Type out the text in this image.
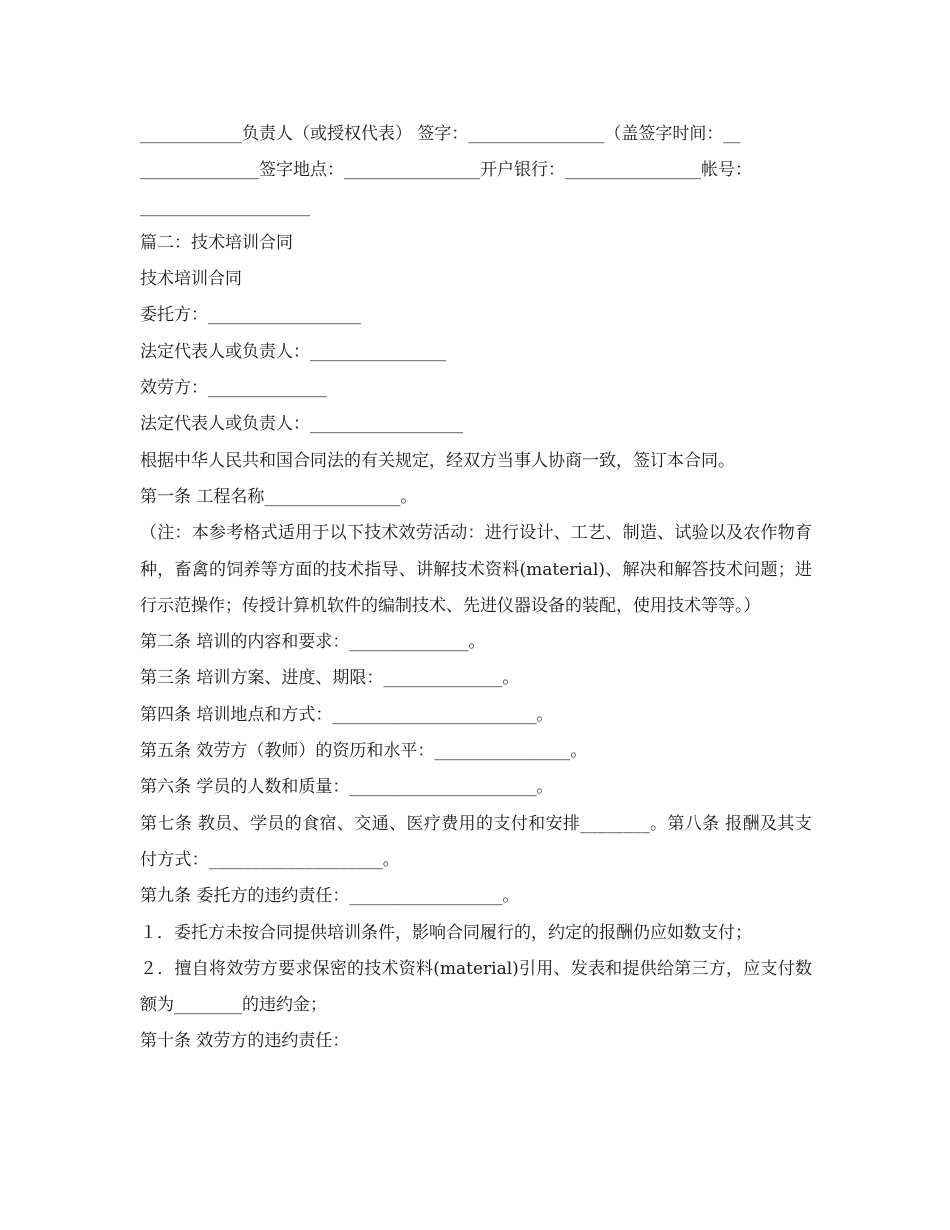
____________负责人（或授权代表） 签字：________________（盖签字时间：__

______________签字地点：________________开户银行：________________帐号：

____________________

篇二：技术培训合同

技术培训合同

委托方：__________________

法定代表人或负责人：________________

效劳方：______________

法定代表人或负责人：__________________

根据中华人民共和国合同法的有关规定，经双方当事人协商一致，签订本合同。

第一条 工程名称________________。

（注：本参考格式适用于以下技术效劳活动：进行设计、工艺、制造、试验以及农作物育种，畜禽的饲养等方面的技术指导、讲解技术资料(material)、解决和解答技术问题；进行示范操作；传授计算机软件的编制技术、先进仪器设备的装配，使用技术等等。）

第二条 培训的内容和要求：______________。

第三条 培训方案、进度、期限：______________。

第四条 培训地点和方式：________________________。

第五条 效劳方（教师）的资历和水平：________________。

第六条 学员的人数和质量：______________________。

第七条 教员、学员的食宿、交通、医疗费用的支付和安排________。第八条 报酬及其支付方式：____________________。

第九条 委托方的违约责任：__________________。

１．委托方未按合同提供培训条件，影响合同履行的，约定的报酬仍应如数支付；

２．擅自将效劳方要求保密的技术资料(material)引用、发表和提供给第三方，应支付数额为________的违约金；

第十条 效劳方的违约责任：
